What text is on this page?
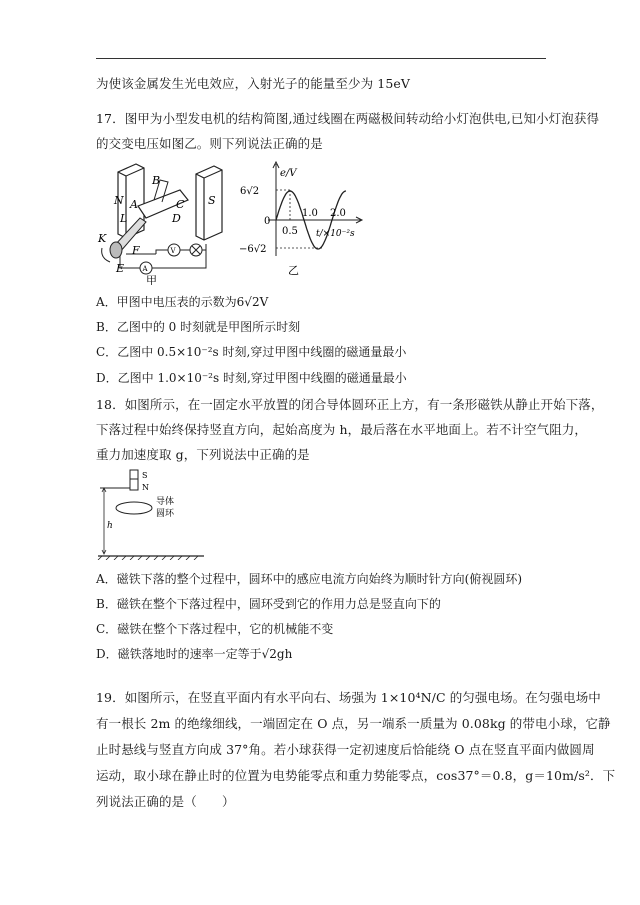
为使该金属发生光电效应，入射光子的能量至少为 15eV
17．图甲为小型发电机的结构简图,通过线圈在两磁极间转动给小灯泡供电,已知小灯泡获得
的交变电压如图乙。则下列说法正确的是
B
N A
L
C
D
S
K
F
E
V
A
甲
e/V
6√2
0
−6√2
0.5
1.0 2.0
t/×10⁻²s
乙
A．甲图中电压表的示数为6√2V
B．乙图中的 0 时刻就是甲图所示时刻
C．乙图中 0.5×10⁻²s 时刻,穿过甲图中线圈的磁通量最小
D．乙图中 1.0×10⁻²s 时刻,穿过甲图中线圈的磁通量最小
18．如图所示，在一固定水平放置的闭合导体圆环正上方，有一条形磁铁从静止开始下落，
下落过程中始终保持竖直方向，起始高度为 h，最后落在水平地面上。若不计空气阻力，
重力加速度取 g，下列说法中正确的是
S
N
导体
圆环
h
A．磁铁下落的整个过程中，圆环中的感应电流方向始终为顺时针方向(俯视圆环)
B．磁铁在整个下落过程中，圆环受到它的作用力总是竖直向下的
C．磁铁在整个下落过程中，它的机械能不变
D．磁铁落地时的速率一定等于√2gh
19．如图所示，在竖直平面内有水平向右、场强为 1×10⁴N/C 的匀强电场。在匀强电场中
有一根长 2m 的绝缘细线，一端固定在 O 点，另一端系一质量为 0.08kg 的带电小球，它静
止时悬线与竖直方向成 37°角。若小球获得一定初速度后恰能绕 O 点在竖直平面内做圆周
运动，取小球在静止时的位置为电势能零点和重力势能零点，cos37°＝0.8，g＝10m/s²．下
列说法正确的是（　　）
